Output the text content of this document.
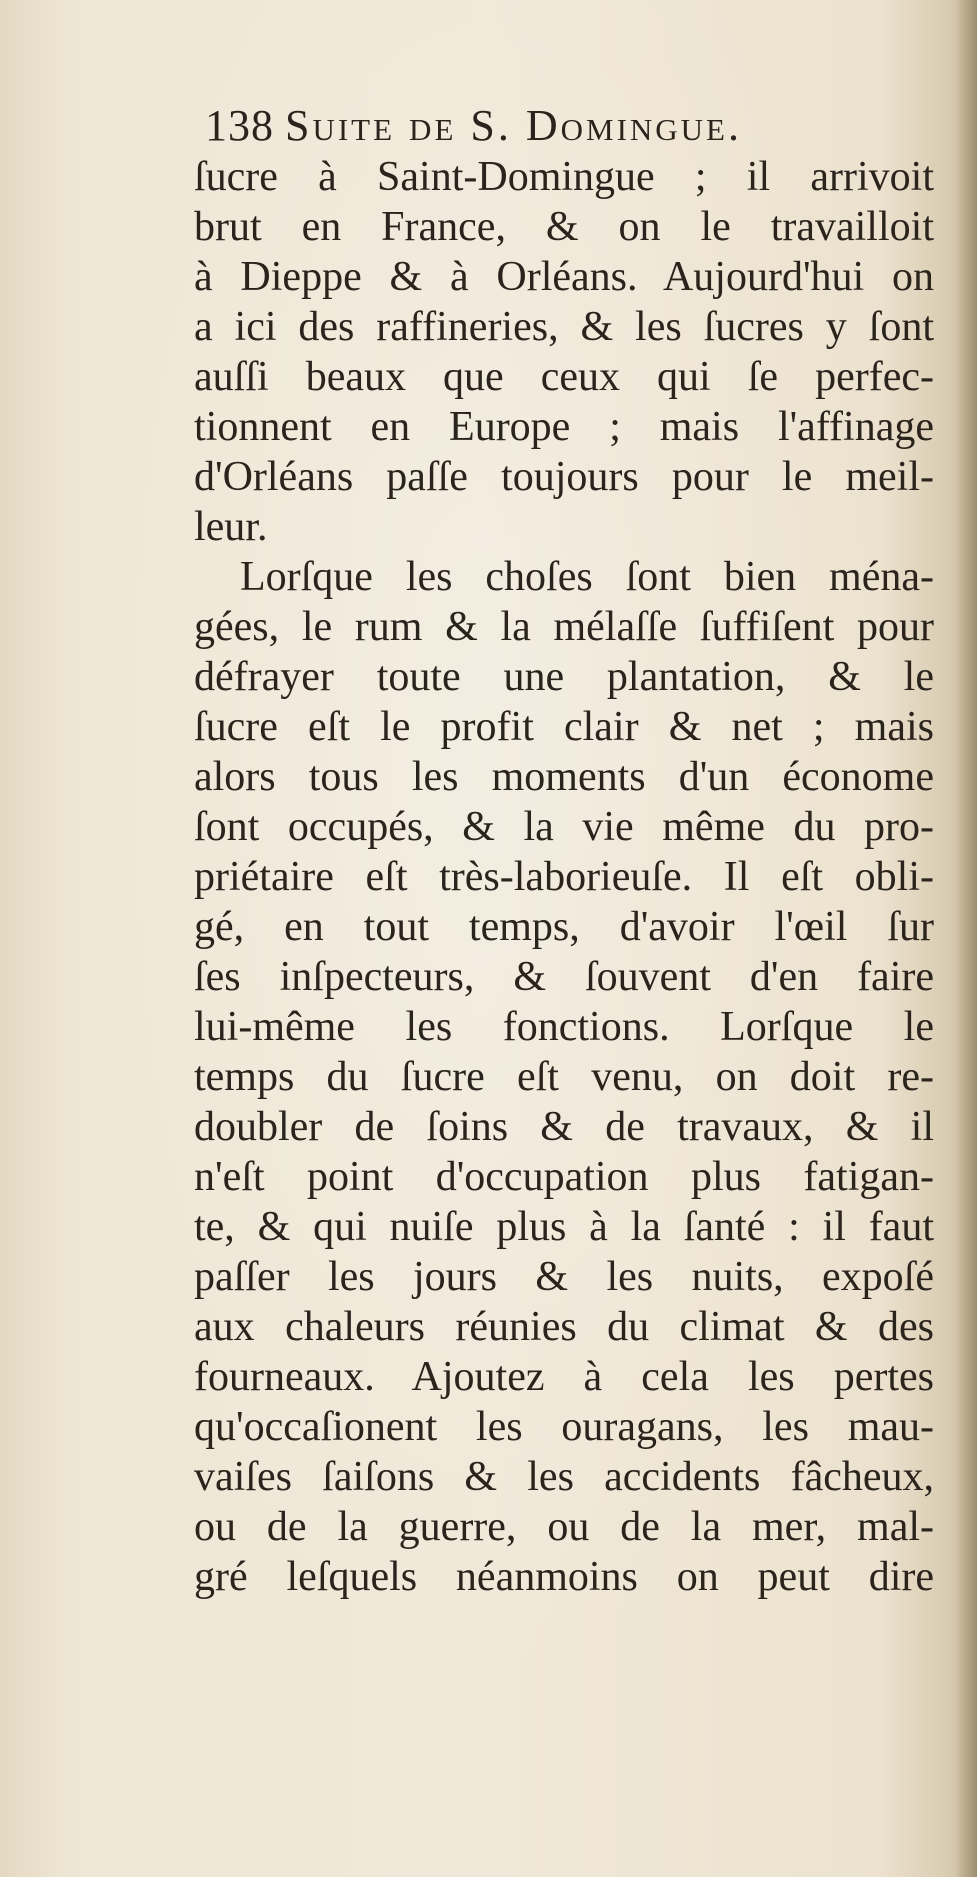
138 Suite de S. Domingue.
ſucre à Saint-Domingue ; il arrivoit
brut en France, & on le travailloit
à Dieppe & à Orléans. Aujourd'hui on
a ici des raffineries, & les ſucres y ſont
auſſi beaux que ceux qui ſe perfec-
tionnent en Europe ; mais l'affinage
d'Orléans paſſe toujours pour le meil-
leur.
Lorſque les choſes ſont bien ména-
gées, le rum & la mélaſſe ſuffiſent pour
défrayer toute une plantation, & le
ſucre eſt le profit clair & net ; mais
alors tous les moments d'un économe
ſont occupés, & la vie même du pro-
priétaire eſt très-laborieuſe. Il eſt obli-
gé, en tout temps, d'avoir l'œil ſur
ſes inſpecteurs, & ſouvent d'en faire
lui-même les fonctions. Lorſque le
temps du ſucre eſt venu, on doit re-
doubler de ſoins & de travaux, & il
n'eſt point d'occupation plus fatigan-
te, & qui nuiſe plus à la ſanté : il faut
paſſer les jours & les nuits, expoſé
aux chaleurs réunies du climat & des
fourneaux. Ajoutez à cela les pertes
qu'occaſionent les ouragans, les mau-
vaiſes ſaiſons & les accidents fâcheux,
ou de la guerre, ou de la mer, mal-
gré leſquels néanmoins on peut dire
